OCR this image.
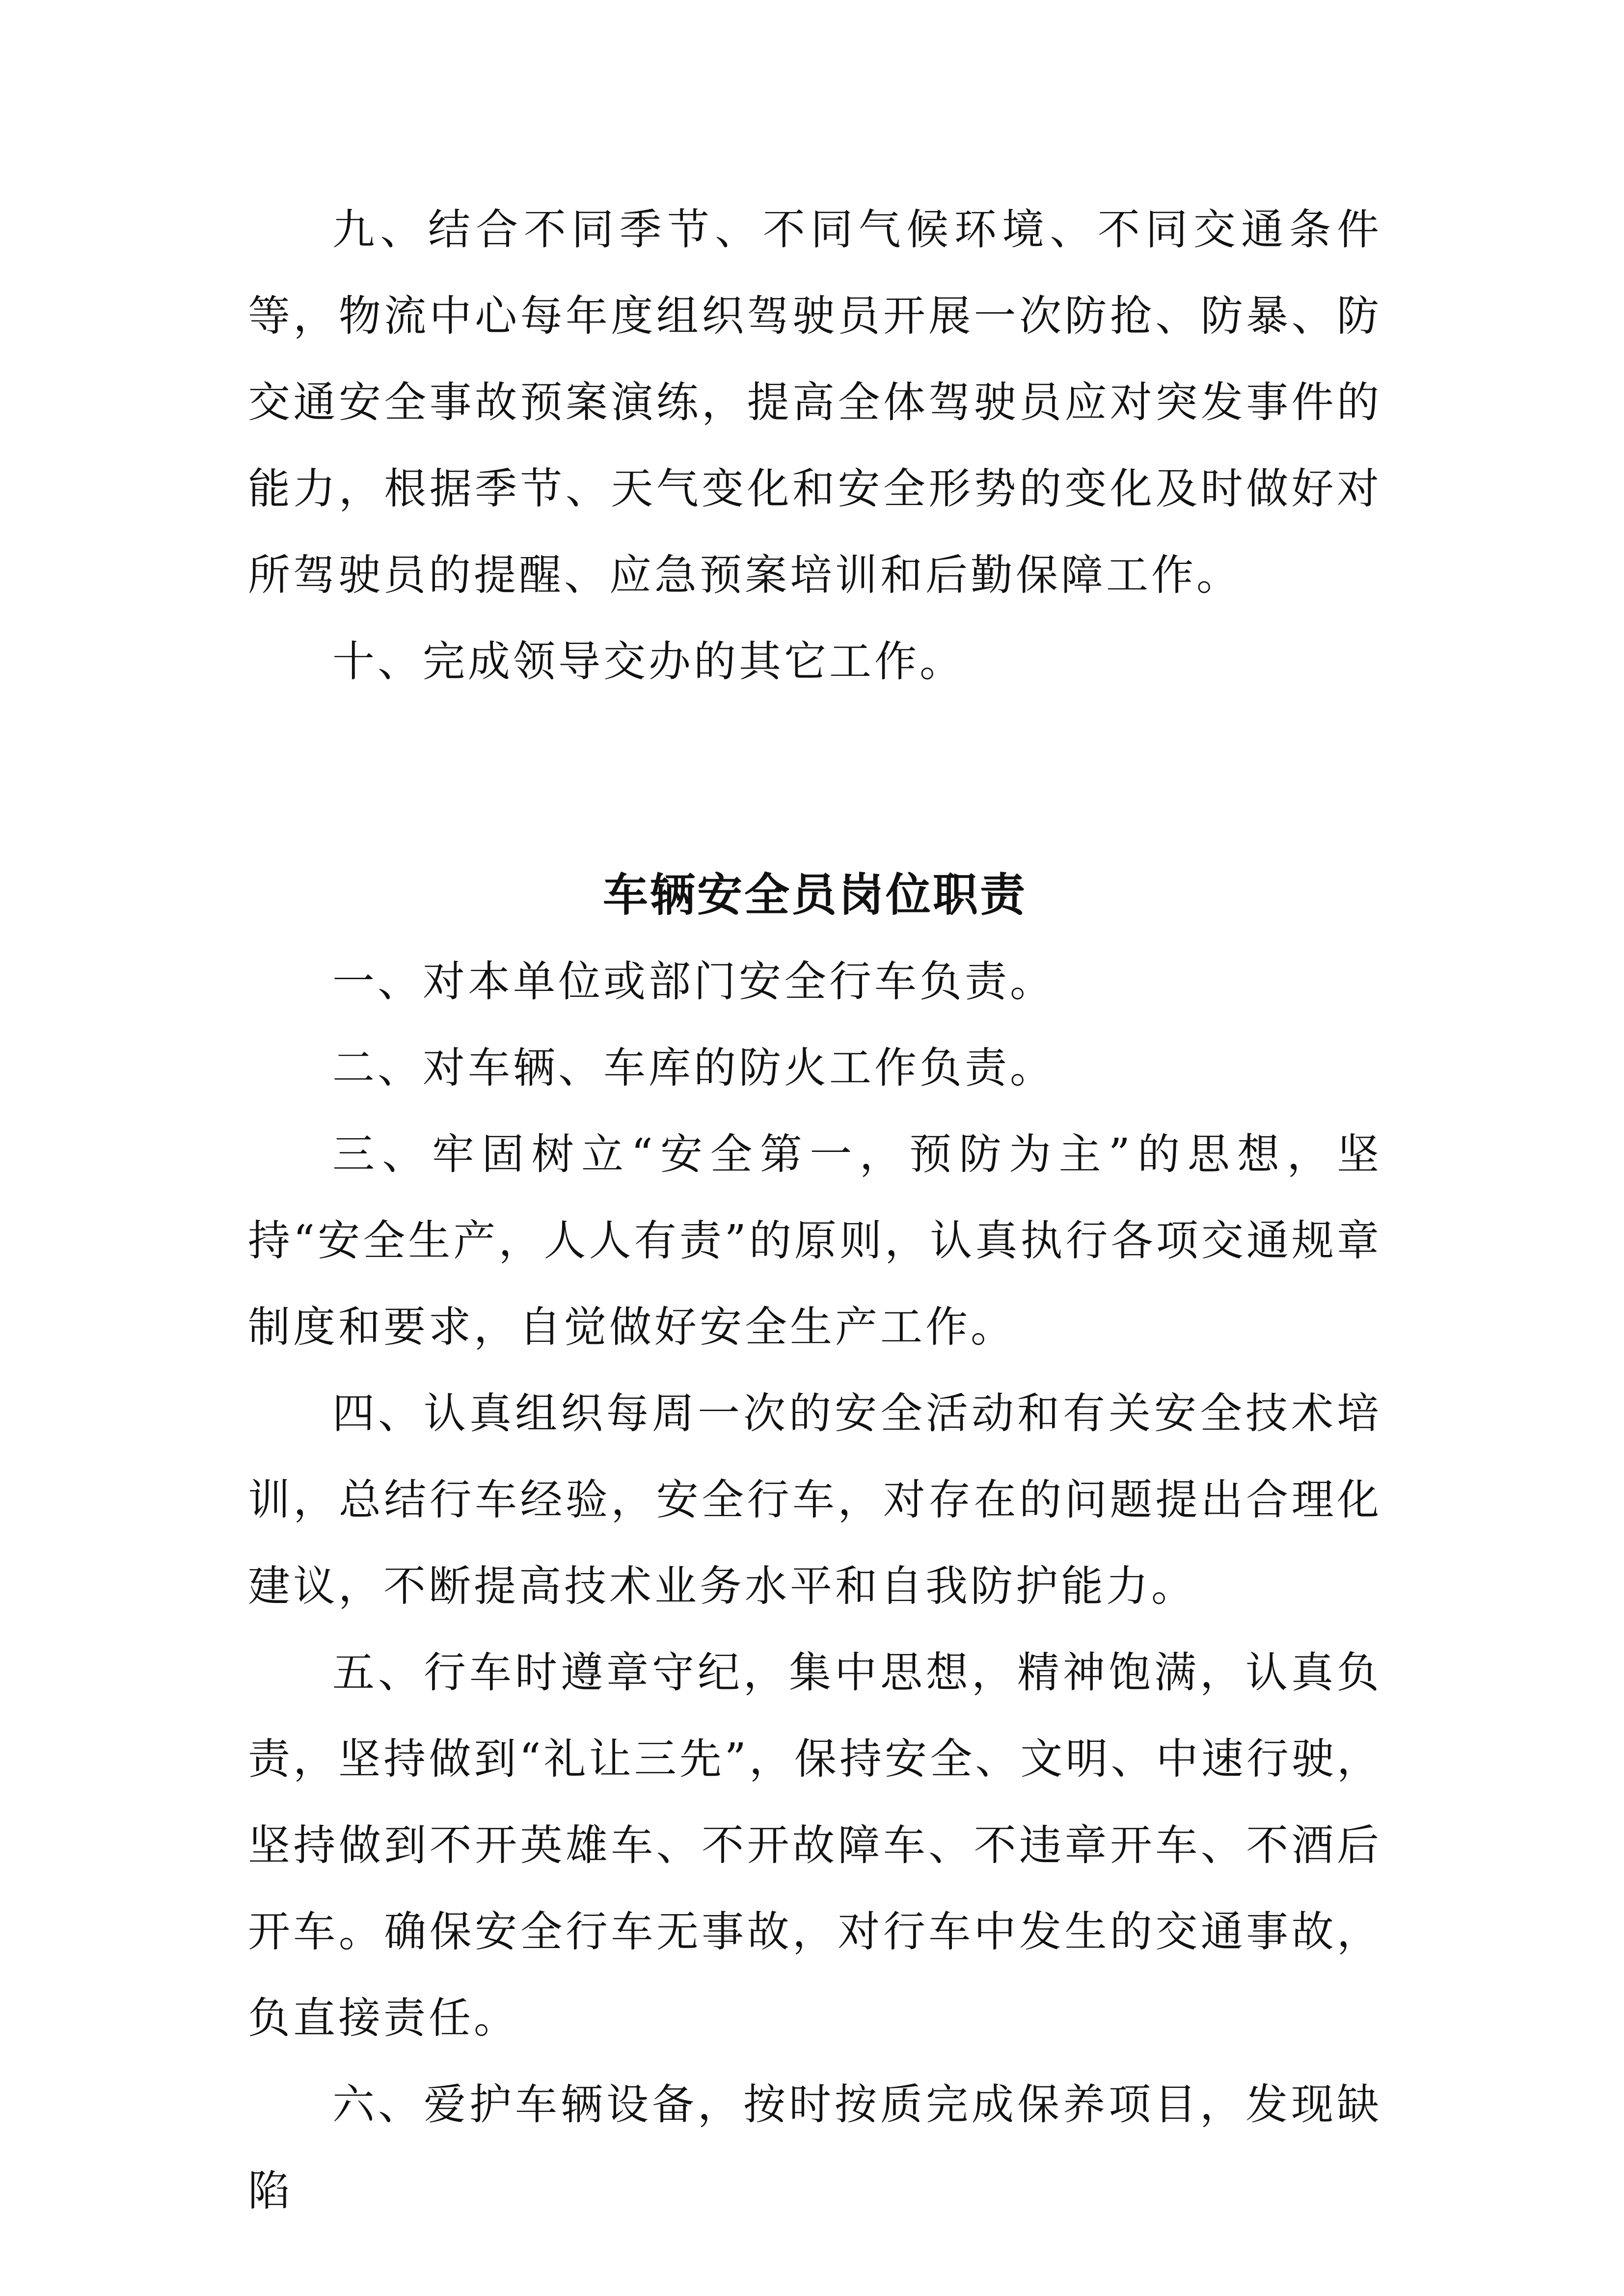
九、结合不同季节、不同气候环境、不同交通条件等，物流中心每年度组织驾驶员开展一次防抢、防暴、防交通安全事故预案演练，提高全体驾驶员应对突发事件的能力，根据季节、天气变化和安全形势的变化及时做好对所驾驶员的提醒、应急预案培训和后勤保障工作。

十、完成领导交办的其它工作。

车辆安全员岗位职责

一、对本单位或部门安全行车负责。

二、对车辆、车库的防火工作负责。

三、牢固树立“安全第一，预防为主”的思想，坚持“安全生产，人人有责”的原则，认真执行各项交通规章制度和要求，自觉做好安全生产工作。

四、认真组织每周一次的安全活动和有关安全技术培训，总结行车经验，安全行车，对存在的问题提出合理化建议，不断提高技术业务水平和自我防护能力。

五、行车时遵章守纪，集中思想，精神饱满，认真负责，坚持做到“礼让三先”，保持安全、文明、中速行驶，坚持做到不开英雄车、不开故障车、不违章开车、不酒后开车。确保安全行车无事故，对行车中发生的交通事故，负直接责任。

六、爱护车辆设备，按时按质完成保养项目，发现缺陷
